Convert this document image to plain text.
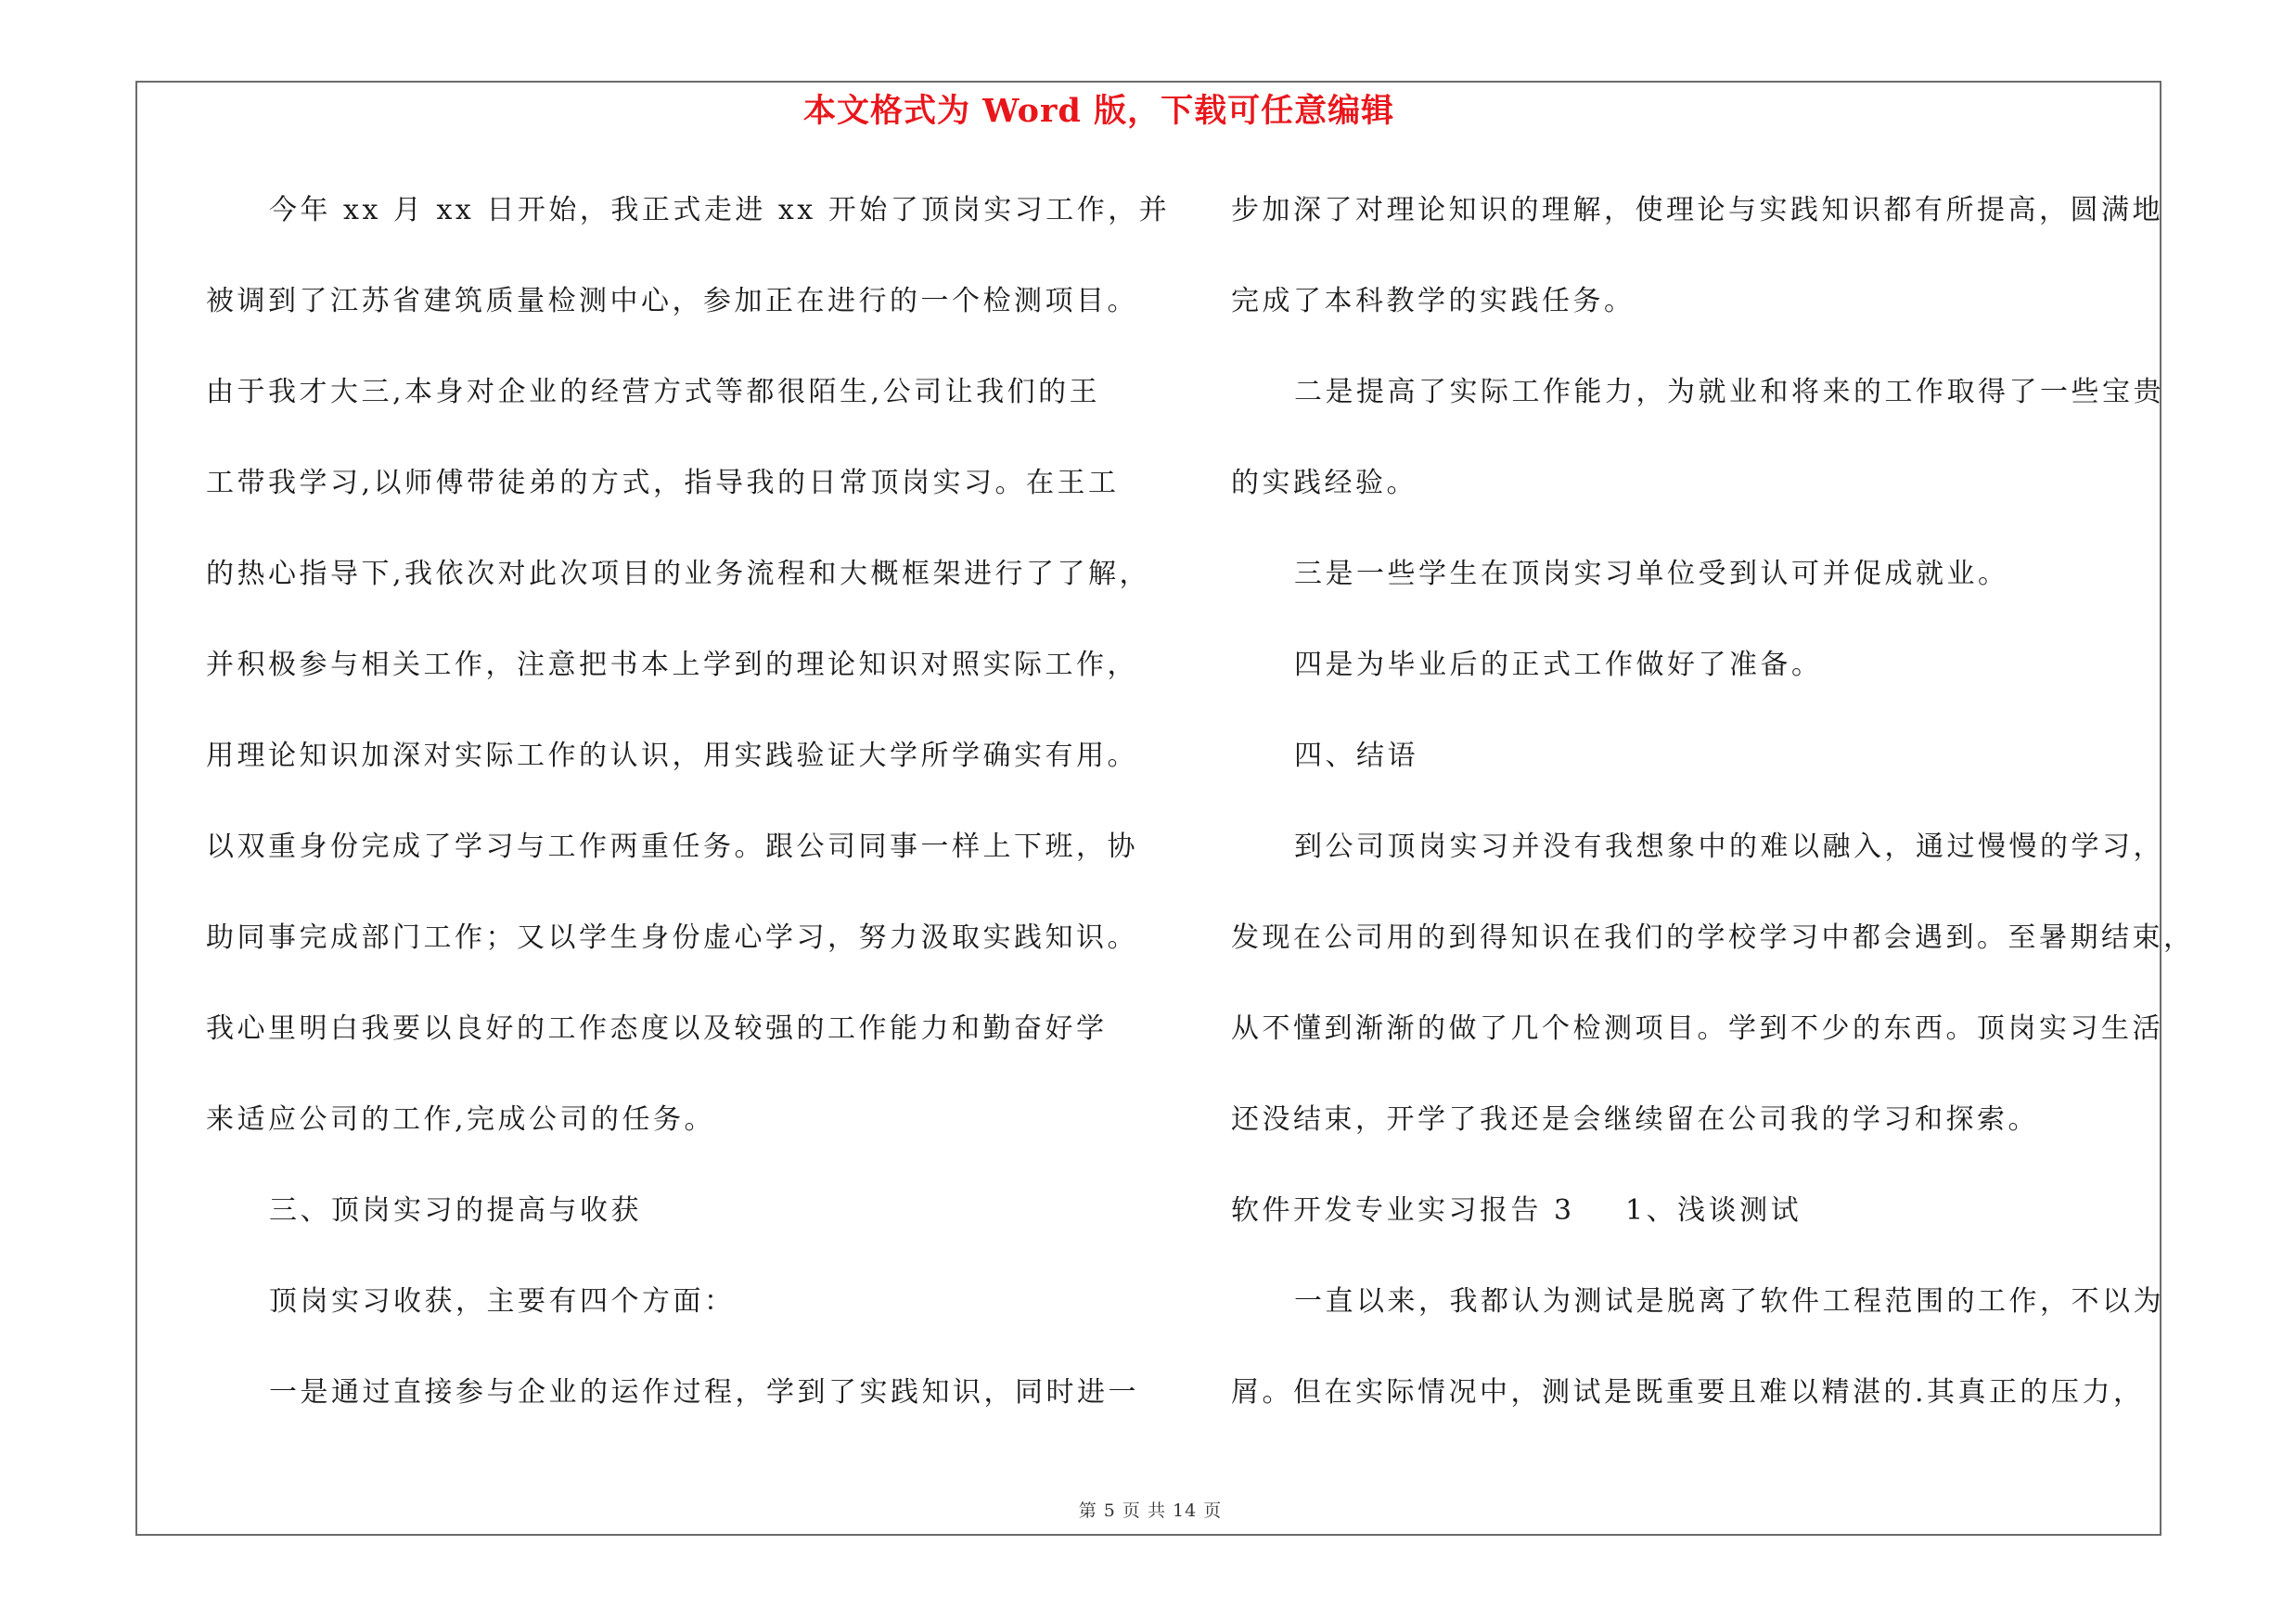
本文格式为 Word 版，下载可任意编辑
今年 xx 月 xx 日开始，我正式走进 xx 开始了顶岗实习工作，并
被调到了江苏省建筑质量检测中心，参加正在进行的一个检测项目。
由于我才大三,本身对企业的经营方式等都很陌生,公司让我们的王
工带我学习,以师傅带徒弟的方式，指导我的日常顶岗实习。在王工
的热心指导下,我依次对此次项目的业务流程和大概框架进行了了解，
并积极参与相关工作，注意把书本上学到的理论知识对照实际工作，
用理论知识加深对实际工作的认识，用实践验证大学所学确实有用。
以双重身份完成了学习与工作两重任务。跟公司同事一样上下班，协
助同事完成部门工作；又以学生身份虚心学习，努力汲取实践知识。
我心里明白我要以良好的工作态度以及较强的工作能力和勤奋好学
来适应公司的工作,完成公司的任务。
三、顶岗实习的提高与收获
顶岗实习收获，主要有四个方面：
一是通过直接参与企业的运作过程，学到了实践知识，同时进一
步加深了对理论知识的理解，使理论与实践知识都有所提高，圆满地
完成了本科教学的实践任务。
二是提高了实际工作能力，为就业和将来的工作取得了一些宝贵
的实践经验。
三是一些学生在顶岗实习单位受到认可并促成就业。
四是为毕业后的正式工作做好了准备。
四、结语
到公司顶岗实习并没有我想象中的难以融入，通过慢慢的学习，
发现在公司用的到得知识在我们的学校学习中都会遇到。至暑期结束，
从不懂到渐渐的做了几个检测项目。学到不少的东西。顶岗实习生活
还没结束，开学了我还是会继续留在公司我的学习和探索。
软件开发专业实习报告 3 1、浅谈测试
一直以来，我都认为测试是脱离了软件工程范围的工作，不以为
屑。但在实际情况中，测试是既重要且难以精湛的.其真正的压力，
第 5 页 共 14 页
